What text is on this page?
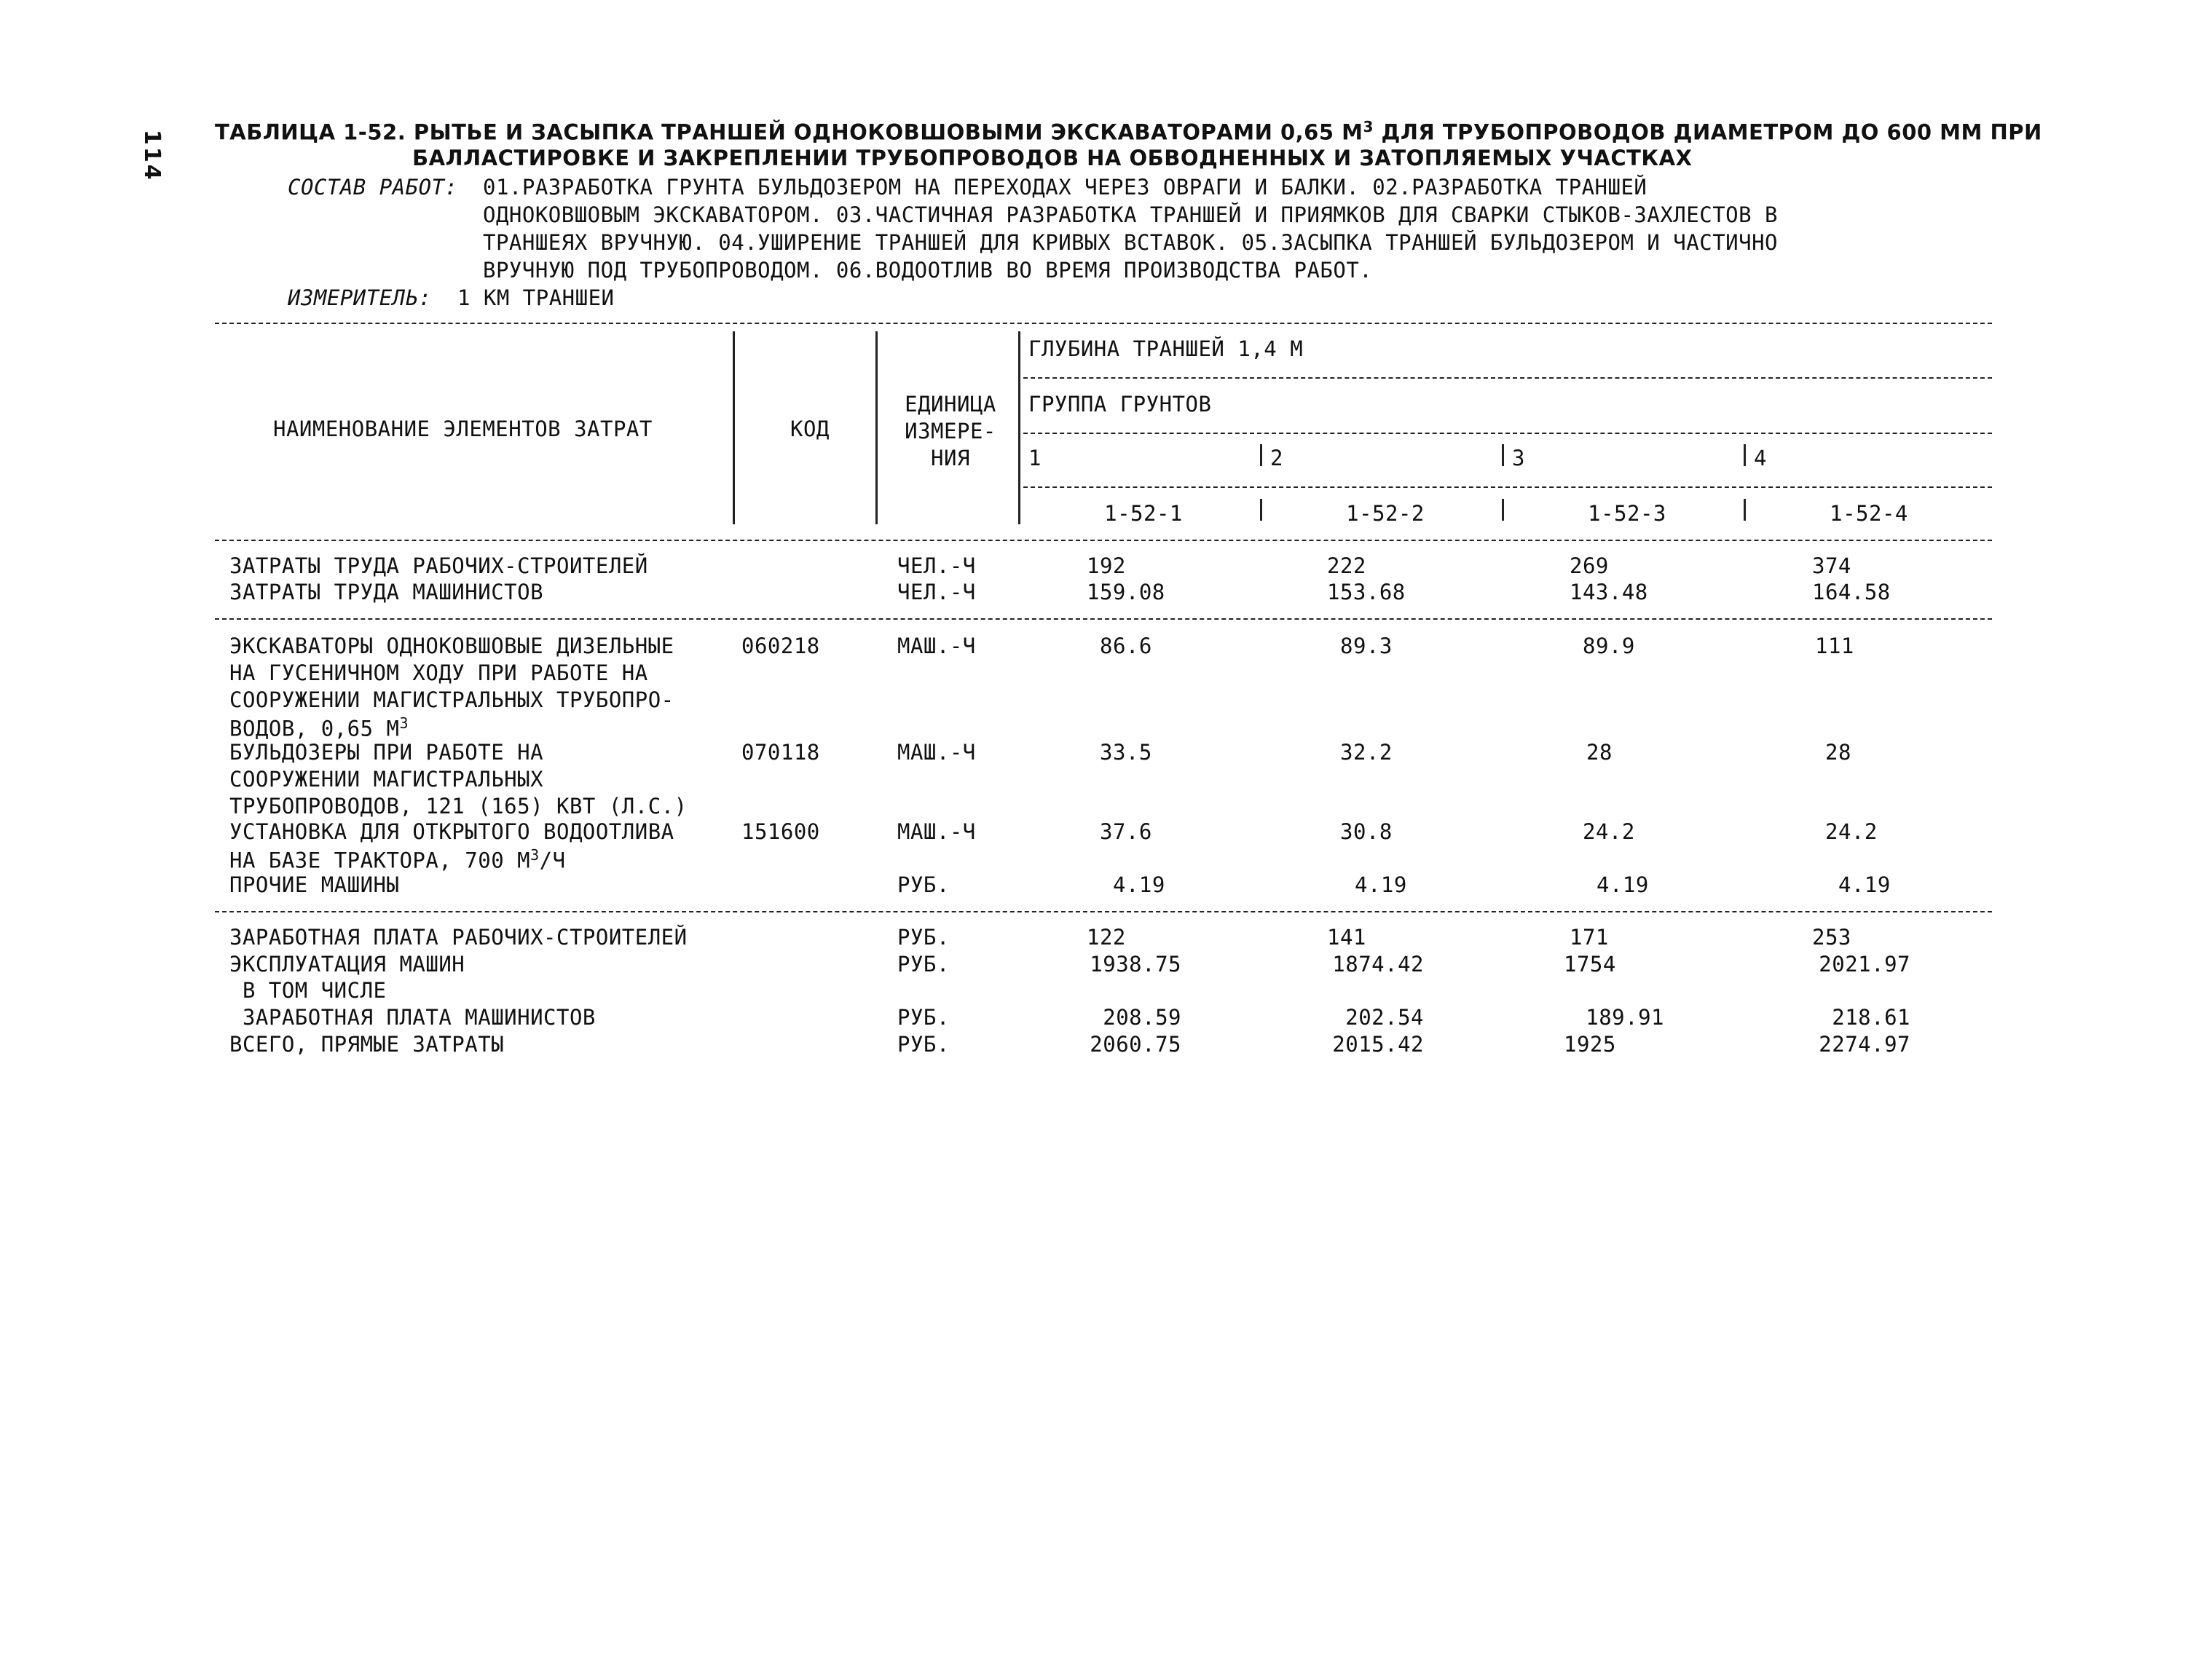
114 ТАБЛИЦА 1-52. РЫТЬЕ И ЗАСЫПКА ТРАНШЕЙ ОДНОКОВШОВЫМИ ЭКСКАВАТОРАМИ 0,65 $М^3$ ДЛЯ ТРУБОПРОВОДОВ ДИАМЕТРОМ ДО 600 ММ ПРИ
БАЛЛАСТИРОВКЕ И ЗАКРЕПЛЕНИИ ТРУБОПРОВОДОВ НА ОБВОДНЕННЫХ И ЗАТОПЛЯЕМЫХ УЧАСТКАХ
СОСТАВ РАБОТ: 01.РАЗРАБОТКА ГРУНТА БУЛЬДОЗЕРОМ НА ПЕРЕХОДАХ ЧЕРЕЗ ОВРАГИ И БАЛКИ. 02.РАЗРАБОТКА ТРАНШЕЙ
ОДНОКОВШОВЫМ ЭКСКАВАТОРОМ. 03.ЧАСТИЧНАЯ РАЗРАБОТКА ТРАНШЕЙ И ПРИЯМКОВ ДЛЯ СВАРКИ СТЫКОВ-ЗАХЛЕСТОВ В
ТРАНШЕЯХ ВРУЧНУЮ. 04.УШИРЕНИЕ ТРАНШЕЙ ДЛЯ КРИВЫХ ВСТАВОК. 05.ЗАСЫПКА ТРАНШЕЙ БУЛЬДОЗЕРОМ И ЧАСТИЧНО
ВРУЧНУЮ ПОД ТРУБОПРОВОДОМ. 06.ВОДООТЛИВ ВО ВРЕМЯ ПРОИЗВОДСТВА РАБОТ.
ИЗМЕРИТЕЛЬ: 1 КМ ТРАНШЕИ
НАИМЕНОВАНИЕ ЭЛЕМЕНТОВ ЗАТРАТ	КОД
ЕДИНИЦА
ИЗМЕРЕ-
НИЯ
ГЛУБИНА ТРАНШЕЙ 1,4 М
ГРУППА ГРУНТОВ
1	2	3	4
1-52-1	1-52-2	1-52-3	1-52-4
ЗАТРАТЫ ТРУДА РАБОЧИХ-СТРОИТЕЛЕЙ	ЧЕЛ.-Ч	192	222	269	374
ЗАТРАТЫ ТРУДА МАШИНИСТОВ	ЧЕЛ.-Ч	159.08	153.68	143.48	164.58
ЭКСКАВАТОРЫ ОДНОКОВШОВЫЕ ДИЗЕЛЬНЫЕ
НА ГУСЕНИЧНОМ ХОДУ ПРИ РАБОТЕ НА
СООРУЖЕНИИ МАГИСТРАЛЬНЫХ ТРУБОПРО-
ВОДОВ, 0,65 $М^3$
060218	МАШ.-Ч	86.6	89.3	89.9	111
БУЛЬДОЗЕРЫ ПРИ РАБОТЕ НА
СООРУЖЕНИИ МАГИСТРАЛЬНЫХ
ТРУБОПРОВОДОВ, 121 (165) КВТ (Л.С.)
070118	МАШ.-Ч	33.5	32.2	28	28
УСТАНОВКА ДЛЯ ОТКРЫТОГО ВОДООТЛИВА
НА БАЗЕ ТРАКТОРА, 700 $М^3/Ч$
151600	МАШ.-Ч	37.6	30.8	24.2	24.2
ПРОЧИЕ МАШИНЫ	РУБ.	4.19	4.19	4.19	4.19
ЗАРАБОТНАЯ ПЛАТА РАБОЧИХ-СТРОИТЕЛЕЙ	РУБ.	122	141	171	253
ЭКСПЛУАТАЦИЯ МАШИН	РУБ.	1938.75	1874.42	1754	2021.97
В ТОМ ЧИСЛЕ
ЗАРАБОТНАЯ ПЛАТА МАШИНИСТОВ	РУБ.	208.59	202.54	189.91	218.61
ВСЕГО, ПРЯМЫЕ ЗАТРАТЫ	РУБ.	2060.75	2015.42	1925	2274.97
